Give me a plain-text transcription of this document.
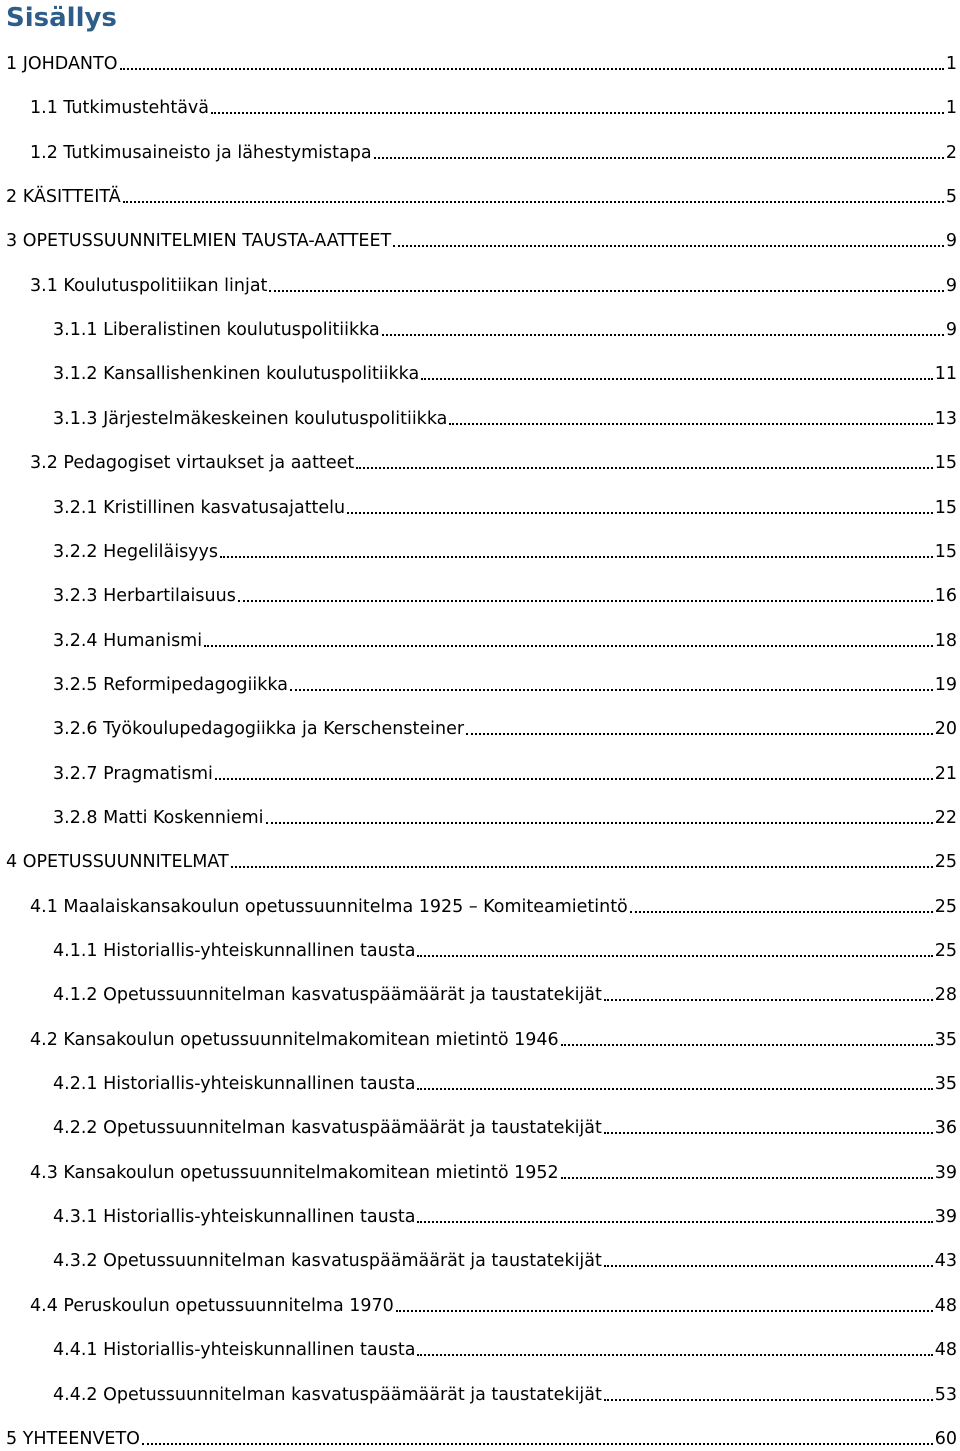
Sisällys
1 JOHDANTO	1
1.1 Tutkimustehtävä	1
1.2 Tutkimusaineisto ja lähestymistapa	2
2 KÄSITTEITÄ	5
3 OPETUSSUUNNITELMIEN TAUSTA-AATTEET	9
3.1 Koulutuspolitiikan linjat	9
3.1.1 Liberalistinen koulutuspolitiikka	9
3.1.2 Kansallishenkinen koulutuspolitiikka	11
3.1.3 Järjestelmäkeskeinen koulutuspolitiikka	13
3.2 Pedagogiset virtaukset ja aatteet	15
3.2.1 Kristillinen kasvatusajattelu	15
3.2.2 Hegeliläisyys	15
3.2.3 Herbartilaisuus	16
3.2.4 Humanismi	18
3.2.5 Reformipedagogiikka	19
3.2.6 Työkoulupedagogiikka ja Kerschensteiner	20
3.2.7 Pragmatismi	21
3.2.8 Matti Koskenniemi	22
4 OPETUSSUUNNITELMAT	25
4.1 Maalaiskansakoulun opetussuunnitelma 1925 – Komiteamietintö	25
4.1.1 Historiallis-yhteiskunnallinen tausta	25
4.1.2 Opetussuunnitelman kasvatuspäämäärät ja taustatekijät	28
4.2 Kansakoulun opetussuunnitelmakomitean mietintö 1946	35
4.2.1 Historiallis-yhteiskunnallinen tausta	35
4.2.2 Opetussuunnitelman kasvatuspäämäärät ja taustatekijät	36
4.3 Kansakoulun opetussuunnitelmakomitean mietintö 1952	39
4.3.1 Historiallis-yhteiskunnallinen tausta	39
4.3.2 Opetussuunnitelman kasvatuspäämäärät ja taustatekijät	43
4.4 Peruskoulun opetussuunnitelma 1970	48
4.4.1 Historiallis-yhteiskunnallinen tausta	48
4.4.2 Opetussuunnitelman kasvatuspäämäärät ja taustatekijät	53
5 YHTEENVETO	60
